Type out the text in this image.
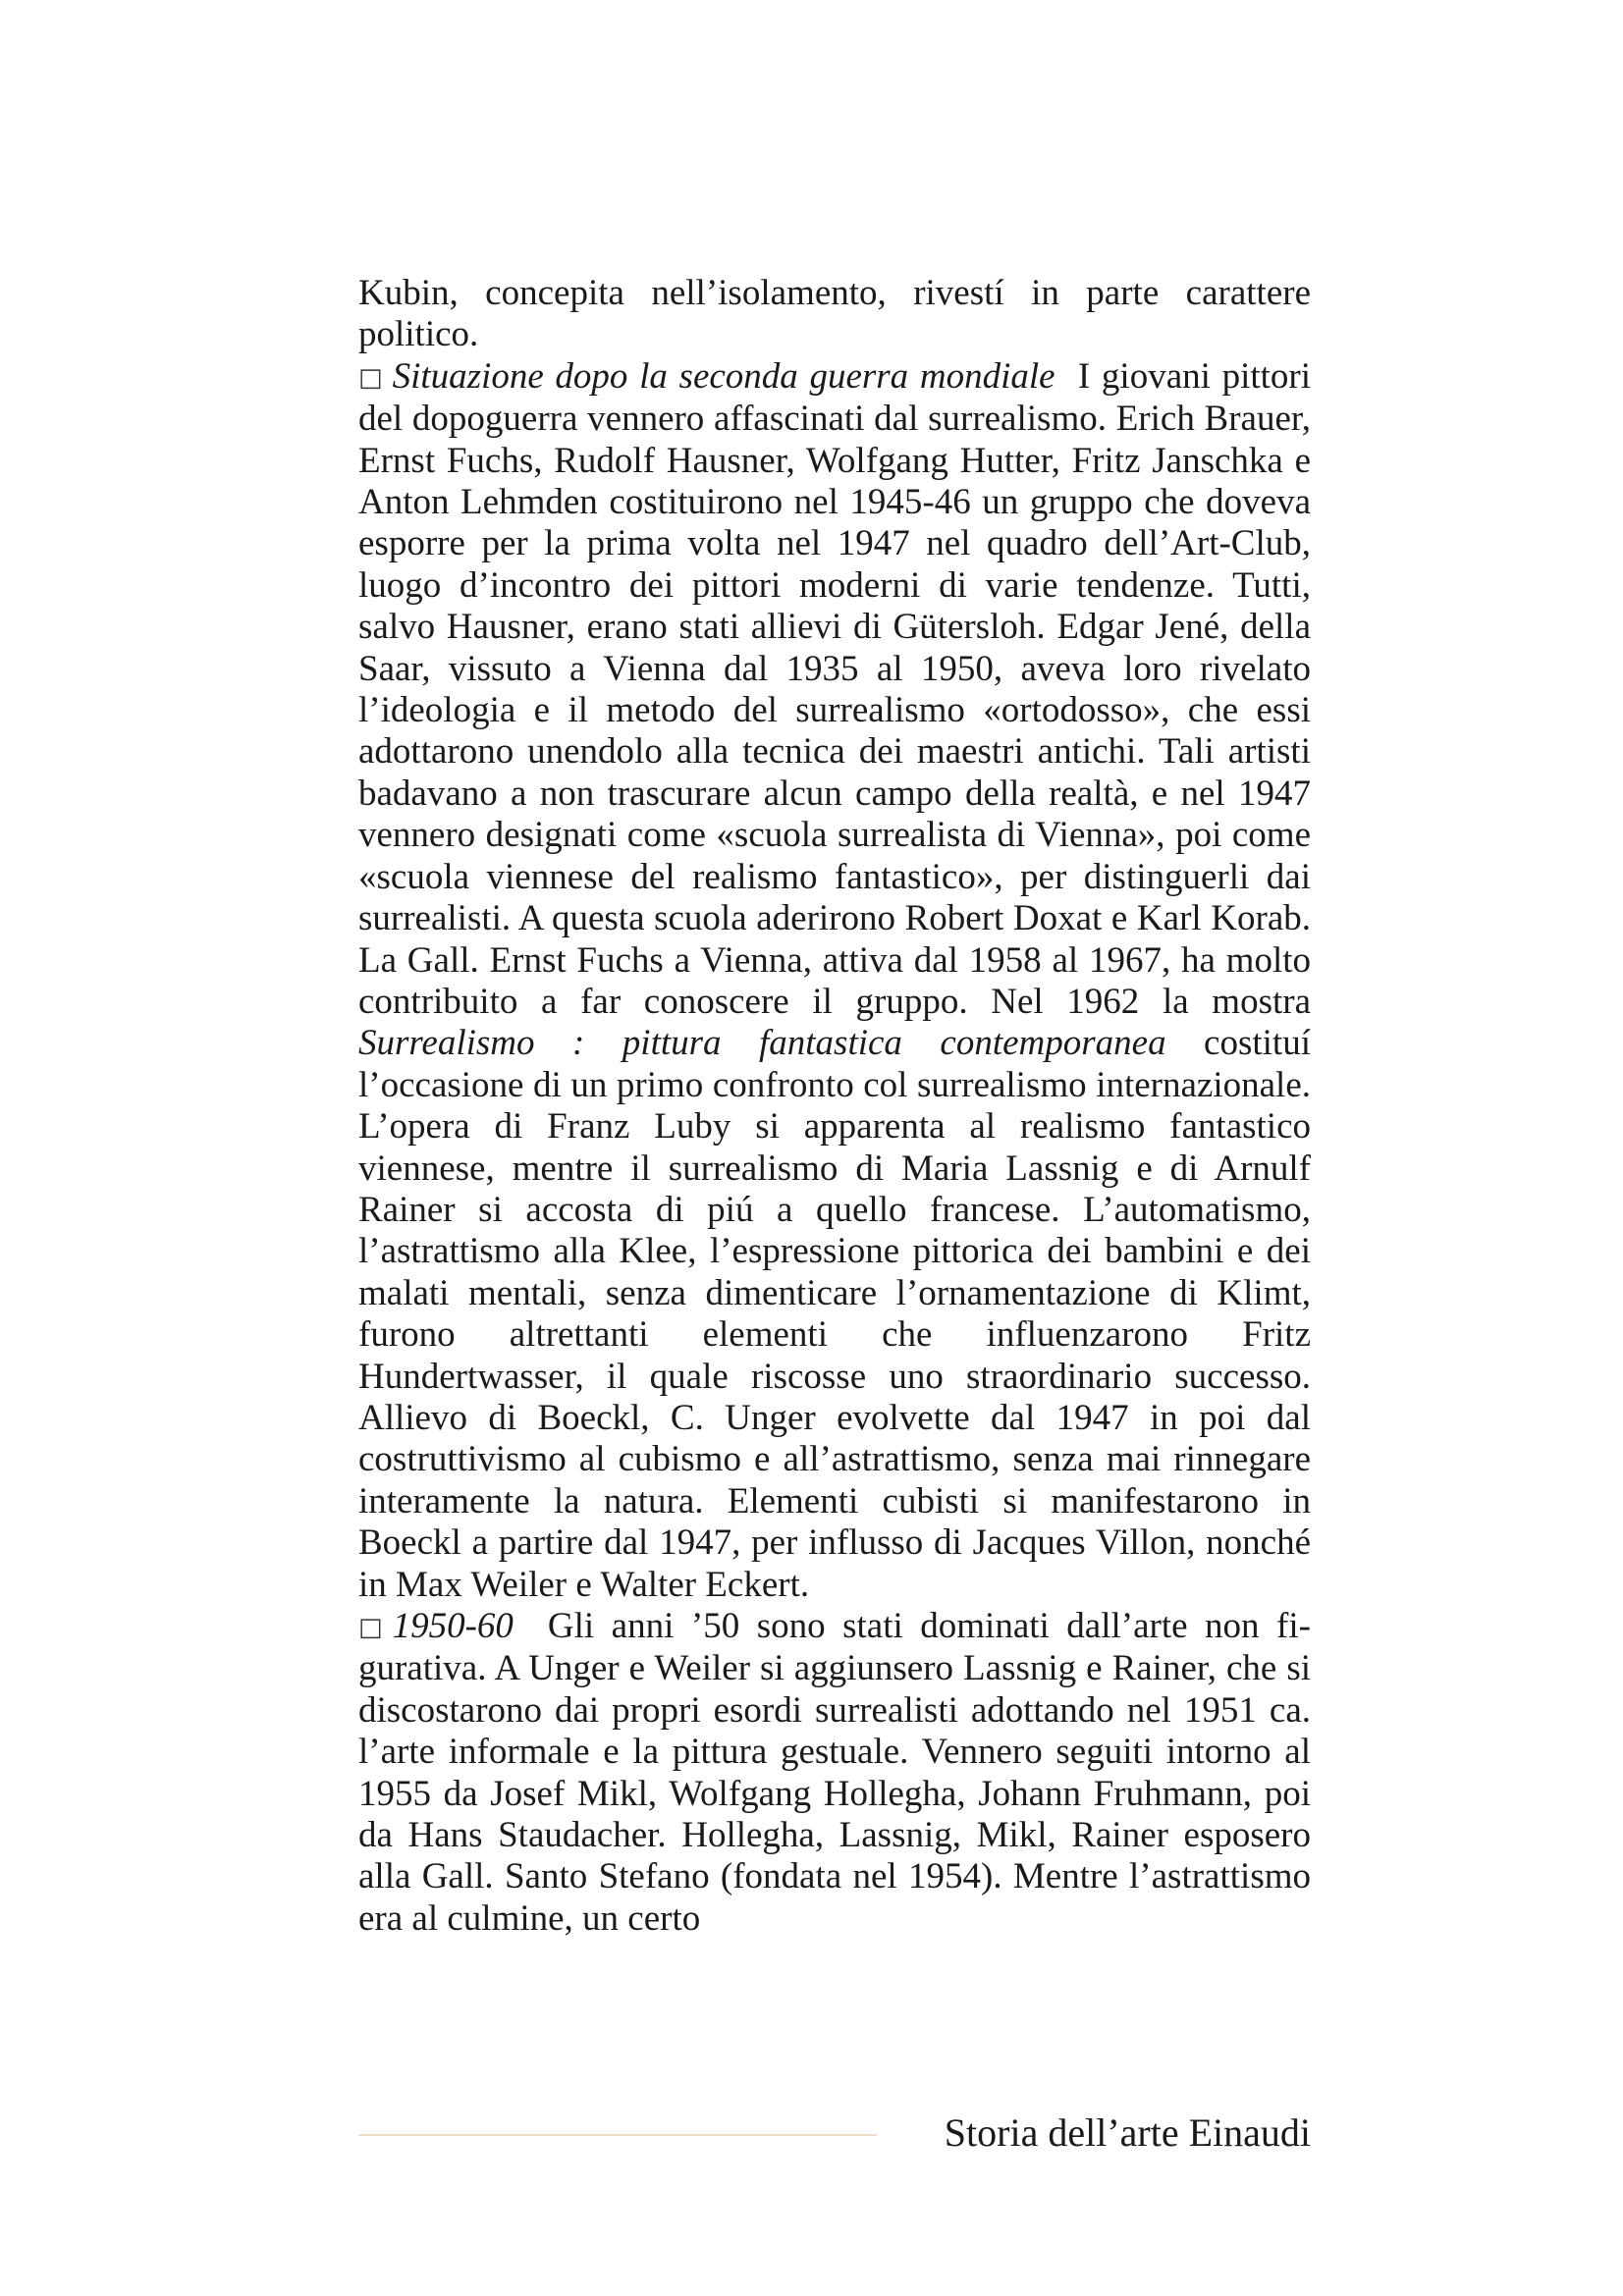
Kubin, concepita nell’isolamento, rivestí in parte carattere politico.

□ Situazione dopo la seconda guerra mondiale I giovani pittori del dopoguerra vennero affascinati dal surrealismo. Erich Brauer, Ernst Fuchs, Rudolf Hausner, Wolfgang Hutter, Fritz Janschka e Anton Lehmden costituirono nel 1945-46 un gruppo che doveva esporre per la prima volta nel 1947 nel quadro dell’Art-Club, luogo d’incontro dei pittori moderni di varie tendenze. Tutti, salvo Hausner, erano stati allievi di Gütersloh. Edgar Jené, della Saar, vissuto a Vienna dal 1935 al 1950, aveva loro rivelato l’ideologia e il metodo del surrealismo «ortodosso», che essi adottarono unendolo alla tecnica dei maestri antichi. Tali artisti badavano a non trascurare alcun campo della realtà, e nel 1947 vennero designati come «scuola surrealista di Vienna», poi come «scuola viennese del realismo fantastico», per distinguerli dai surrealisti. A questa scuola aderirono Robert Doxat e Karl Korab. La Gall. Ernst Fuchs a Vienna, attiva dal 1958 al 1967, ha molto contribuito a far conoscere il gruppo. Nel 1962 la mostra Surrealismo : pittura fantastica contemporanea costituí l’occasione di un primo confronto col surrealismo internazionale. L’opera di Franz Luby si apparenta al realismo fantastico viennese, mentre il surrealismo di Maria Lassnig e di Arnulf Rainer si accosta di piú a quello francese. L’automatismo, l’astrattismo alla Klee, l’espressione pittorica dei bambini e dei malati mentali, senza dimenticare l’ornamentazione di Klimt, furono altrettanti elementi che influenzarono Fritz Hundertwasser, il quale riscosse uno straordinario successo. Allievo di Boeckl, C. Unger evolvette dal 1947 in poi dal costruttivismo al cubismo e all’astrattismo, senza mai rinnegare interamente la natura. Elementi cubisti si manifestarono in Boeckl a partire dal 1947, per influsso di Jacques Villon, nonché in Max Weiler e Walter Eckert.

□ 1950-60 Gli anni ’50 sono stati dominati dall’arte non figurativa. A Unger e Weiler si aggiunsero Lassnig e Rainer, che si discostarono dai propri esordi surrealisti adottando nel 1951 ca. l’arte informale e la pittura gestuale. Vennero seguiti intorno al 1955 da Josef Mikl, Wolfgang Hollegha, Johann Fruhmann, poi da Hans Staudacher. Hollegha, Lassnig, Mikl, Rainer esposero alla Gall. Santo Stefano (fondata nel 1954). Mentre l’astrattismo era al culmine, un certo

Storia dell’arte Einaudi
